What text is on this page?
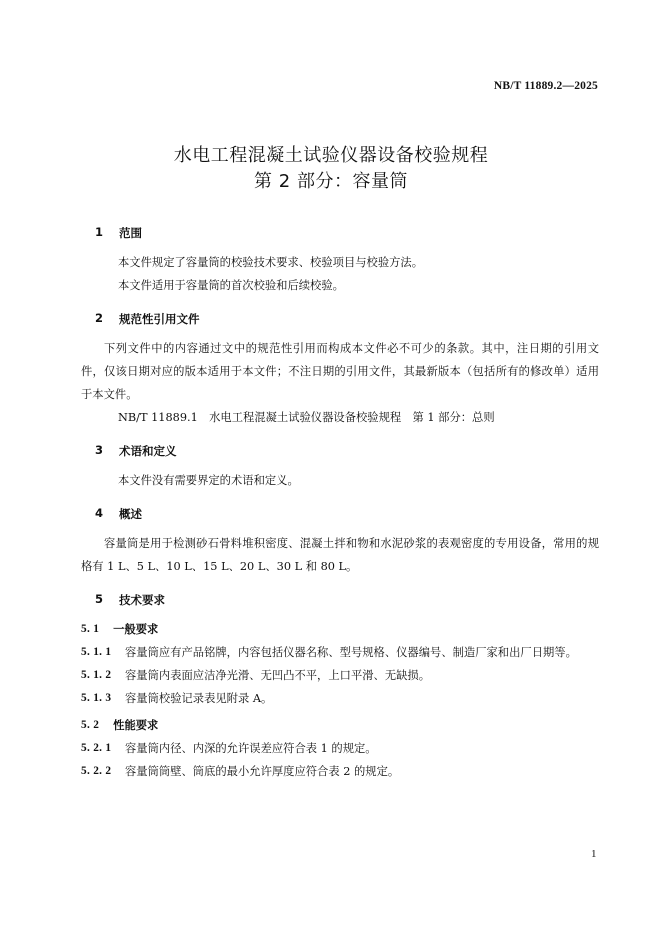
NB/T 11889.2—2025
水电工程混凝土试验仪器设备校验规程
第 2 部分：容量筒
1 范围
本文件规定了容量筒的校验技术要求、校验项目与校验方法。
本文件适用于容量筒的首次校验和后续校验。
2 规范性引用文件
下列文件中的内容通过文中的规范性引用而构成本文件必不可少的条款。其中，注日期的引用文件，仅该日期对应的版本适用于本文件；不注日期的引用文件，其最新版本（包括所有的修改单）适用于本文件。
NB/T 11889.1　水电工程混凝土试验仪器设备校验规程　第 1 部分：总则
3 术语和定义
本文件没有需要界定的术语和定义。
4 概述
容量筒是用于检测砂石骨料堆积密度、混凝土拌和物和水泥砂浆的表观密度的专用设备，常用的规格有 1 L、5 L、10 L、15 L、20 L、30 L 和 80 L。
5 技术要求
5. 1 一般要求
5. 1. 1	容量筒应有产品铭牌，内容包括仪器名称、型号规格、仪器编号、制造厂家和出厂日期等。
5. 1. 2	容量筒内表面应洁净光滑、无凹凸不平，上口平滑、无缺损。
5. 1. 3	容量筒校验记录表见附录 A。
5. 2 性能要求
5. 2. 1	容量筒内径、内深的允许误差应符合表 1 的规定。
5. 2. 2	容量筒筒壁、筒底的最小允许厚度应符合表 2 的规定。
1
